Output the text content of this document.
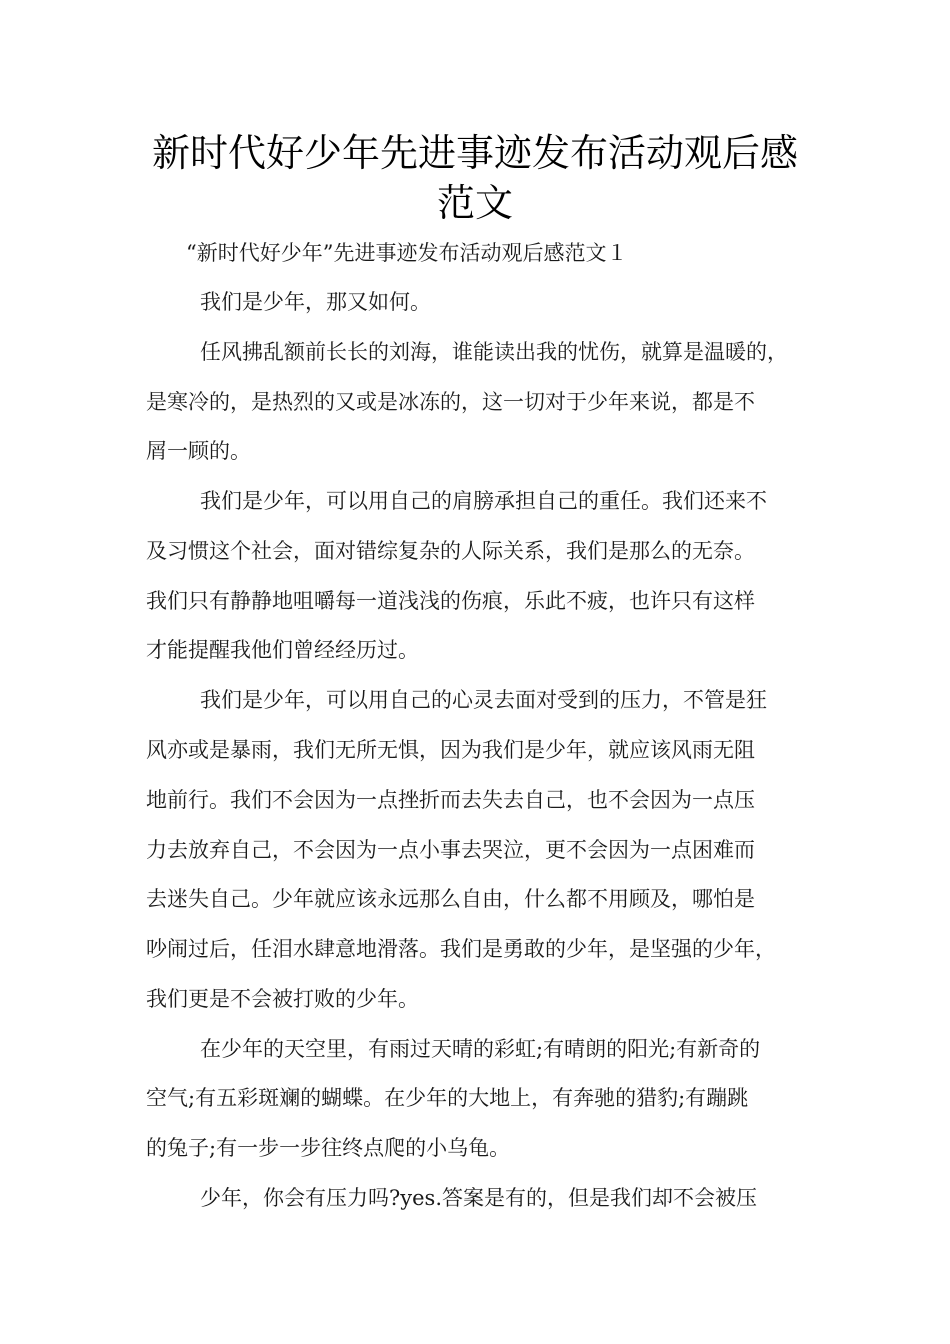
新时代好少年先进事迹发布活动观后感
范文
“新时代好少年”先进事迹发布活动观后感范文１
我们是少年，那又如何。
任风拂乱额前长长的刘海，谁能读出我的忧伤，就算是温暖的，
是寒冷的，是热烈的又或是冰冻的，这一切对于少年来说，都是不
屑一顾的。
我们是少年，可以用自己的肩膀承担自己的重任。我们还来不
及习惯这个社会，面对错综复杂的人际关系，我们是那么的无奈。
我们只有静静地咀嚼每一道浅浅的伤痕，乐此不疲，也许只有这样
才能提醒我他们曾经经历过。
我们是少年，可以用自己的心灵去面对受到的压力，不管是狂
风亦或是暴雨，我们无所无惧，因为我们是少年，就应该风雨无阻
地前行。我们不会因为一点挫折而去失去自己，也不会因为一点压
力去放弃自己，不会因为一点小事去哭泣，更不会因为一点困难而
去迷失自己。少年就应该永远那么自由，什么都不用顾及，哪怕是
吵闹过后，任泪水肆意地滑落。我们是勇敢的少年，是坚强的少年，
我们更是不会被打败的少年。
在少年的天空里，有雨过天晴的彩虹;有晴朗的阳光;有新奇的
空气;有五彩斑斓的蝴蝶。在少年的大地上，有奔驰的猎豹;有蹦跳
的兔子;有一步一步往终点爬的小乌龟。
少年，你会有压力吗?yes.答案是有的，但是我们却不会被压
